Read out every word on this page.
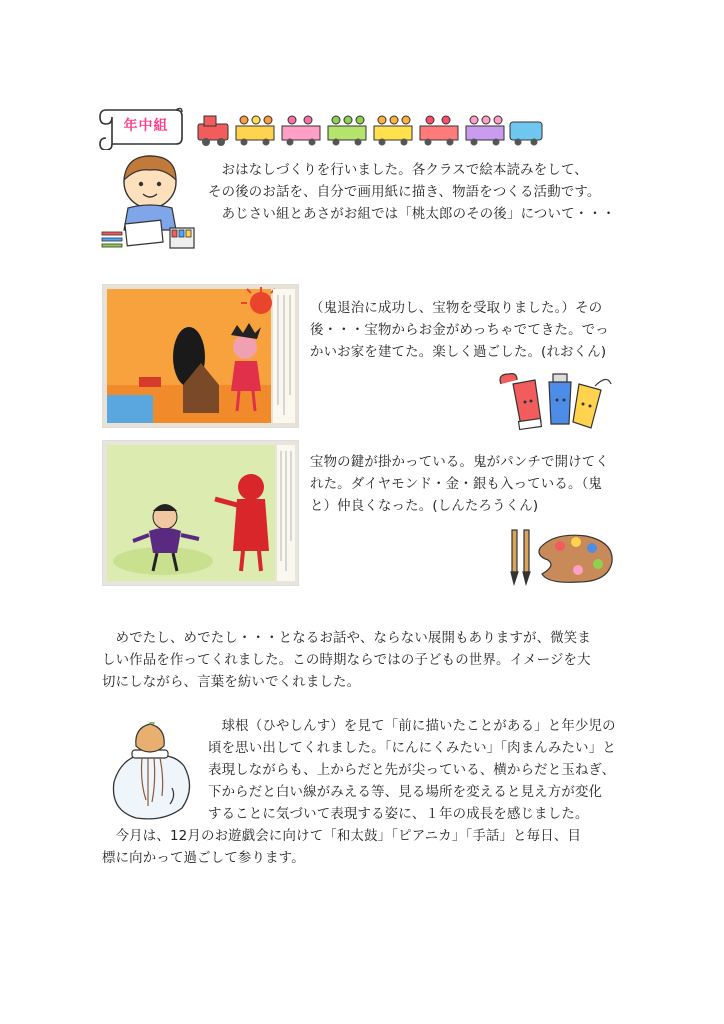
年中組
　おはなしづくりを行いました。各クラスで絵本読みをして、
その後のお話を、自分で画用紙に描き、物語をつくる活動です。
　あじさい組とあさがお組では「桃太郎のその後」について・・・
（鬼退治に成功し、宝物を受取りました。）その
後・・・宝物からお金がめっちゃでてきた。でっ
かいお家を建てた。楽しく過ごした。(れおくん)
宝物の鍵が掛かっている。鬼がパンチで開けてく
れた。ダイヤモンド・金・銀も入っている。（鬼
と）仲良くなった。(しんたろうくん)
　めでたし、めでたし・・・となるお話や、ならない展開もありますが、微笑ま
しい作品を作ってくれました。この時期ならではの子どもの世界。イメージを大
切にしながら、言葉を紡いでくれました。
　球根（ひやしんす）を見て「前に描いたことがある」と年少児の
頃を思い出してくれました。「にんにくみたい」「肉まんみたい」と
表現しながらも、上からだと先が尖っている、横からだと玉ねぎ、
下からだと白い線がみえる等、見る場所を変えると見え方が変化
することに気づいて表現する姿に、１年の成長を感じました。
　今月は、12月のお遊戯会に向けて「和太鼓」「ピアニカ」「手話」と毎日、目
標に向かって過ごして参ります。
